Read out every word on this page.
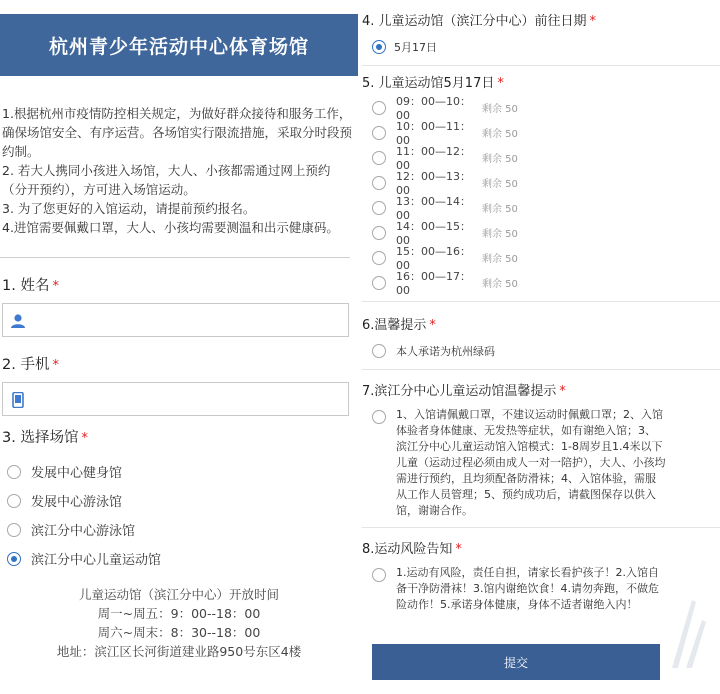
杭州青少年活动中心体育场馆

1.根据杭州市疫情防控相关规定，为做好群众接待和服务工作，确保场馆安全、有序运营。各场馆实行限流措施，采取分时段预约制。

2. 若大人携同小孩进入场馆，大人、小孩都需通过网上预约（分开预约），方可进入场馆运动。

3. 为了您更好的入馆运动，请提前预约报名。

4.进馆需要佩戴口罩，大人、小孩均需要测温和出示健康码。

1. 姓名 *
2. 手机 *
3. 选择场馆 *
发展中心健身馆
发展中心游泳馆
滨江分中心游泳馆
滨江分中心儿童运动馆
儿童运动馆（滨江分中心）开放时间
周一~周五：9：00--18：00
周六~周末：8：30--18：00
地址：滨江区长河街道建业路950号东区4楼
4. 儿童运动馆（滨江分中心）前往日期 *
5月17日
5. 儿童运动馆5月17日 *
09：00—10：00	剩余 50
10：00—11：00	剩余 50
11：00—12：00	剩余 50
12：00—13：00	剩余 50
13：00—14：00	剩余 50
14：00—15：00	剩余 50
15：00—16：00	剩余 50
16：00—17：00	剩余 50
6.温馨提示 *
本人承诺为杭州绿码
7.滨江分中心儿童运动馆温馨提示 *
1、入馆请佩戴口罩，不建议运动时佩戴口罩；2、入馆体验者身体健康、无发热等症状，如有谢绝入馆；3、滨江分中心儿童运动馆入馆模式：1-8周岁且1.4米以下儿童（运动过程必须由成人一对一陪护），大人、小孩均需进行预约，且均须配备防滑袜；4、入馆体验，需服从工作人员管理；5、预约成功后，请截图保存以供入馆，谢谢合作。
8.运动风险告知 *
1.运动有风险，责任自担，请家长看护孩子！2.入馆自备干净防滑袜！3.馆内谢绝饮食！4.请勿奔跑，不做危险动作！5.承诺身体健康，身体不适者谢绝入内！
提交
